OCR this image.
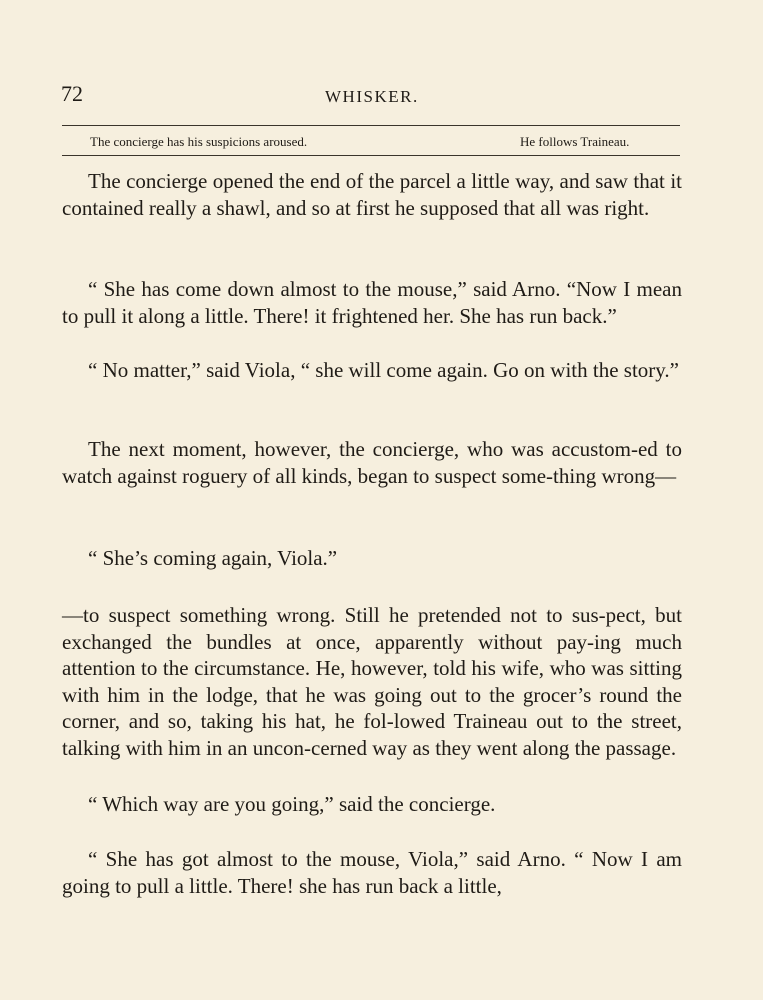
72	WHISKER.
The concierge has his suspicions aroused.	He follows Traineau.

The concierge opened the end of the parcel a little way, and saw that it contained really a shawl, and so at first he supposed that all was right.

“ She has come down almost to the mouse,” said Arno. “Now I mean to pull it along a little. There! it frightened her. She has run back.”

“ No matter,” said Viola, “ she will come again. Go on with the story.”

The next moment, however, the concierge, who was accustom-ed to watch against roguery of all kinds, began to suspect some-thing wrong—

“ She’s coming again, Viola.”

—to suspect something wrong. Still he pretended not to sus-pect, but exchanged the bundles at once, apparently without pay-ing much attention to the circumstance. He, however, told his wife, who was sitting with him in the lodge, that he was going out to the grocer’s round the corner, and so, taking his hat, he fol-lowed Traineau out to the street, talking with him in an uncon-cerned way as they went along the passage.

“ Which way are you going,” said the concierge.

“ She has got almost to the mouse, Viola,” said Arno. “ Now I am going to pull a little. There! she has run back a little,
